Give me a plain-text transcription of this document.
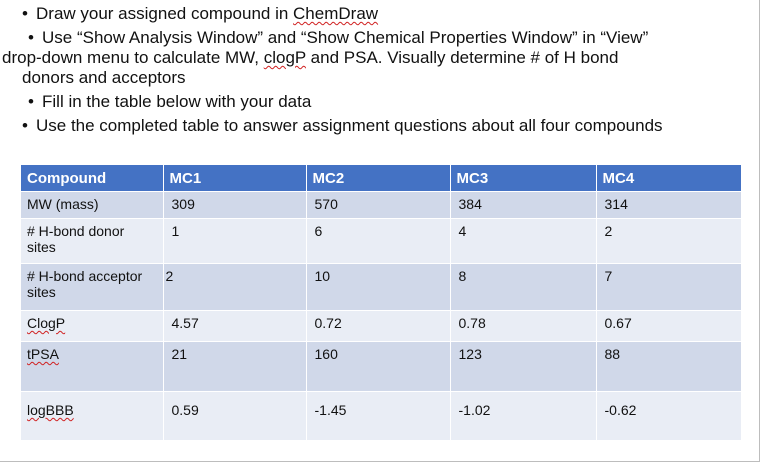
• Draw your assigned compound in ChemDraw
• Use “Show Analysis Window” and “Show Chemical Properties Window” in “View”
drop-down menu to calculate MW, clogP and PSA. Visually determine # of H bond
donors and acceptors
• Fill in the table below with your data
• Use the completed table to answer assignment questions about all four compounds
Compound	MC1	MC2	MC3	MC4
MW (mass)	309	570	384	314
# H-bond donor sites	1	6	4	2
# H-bond acceptor sites	2	10	8	7
ClogP	4.57	0.72	0.78	0.67
tPSA	21	160	123	88
logBBB	0.59	-1.45	-1.02	-0.62
